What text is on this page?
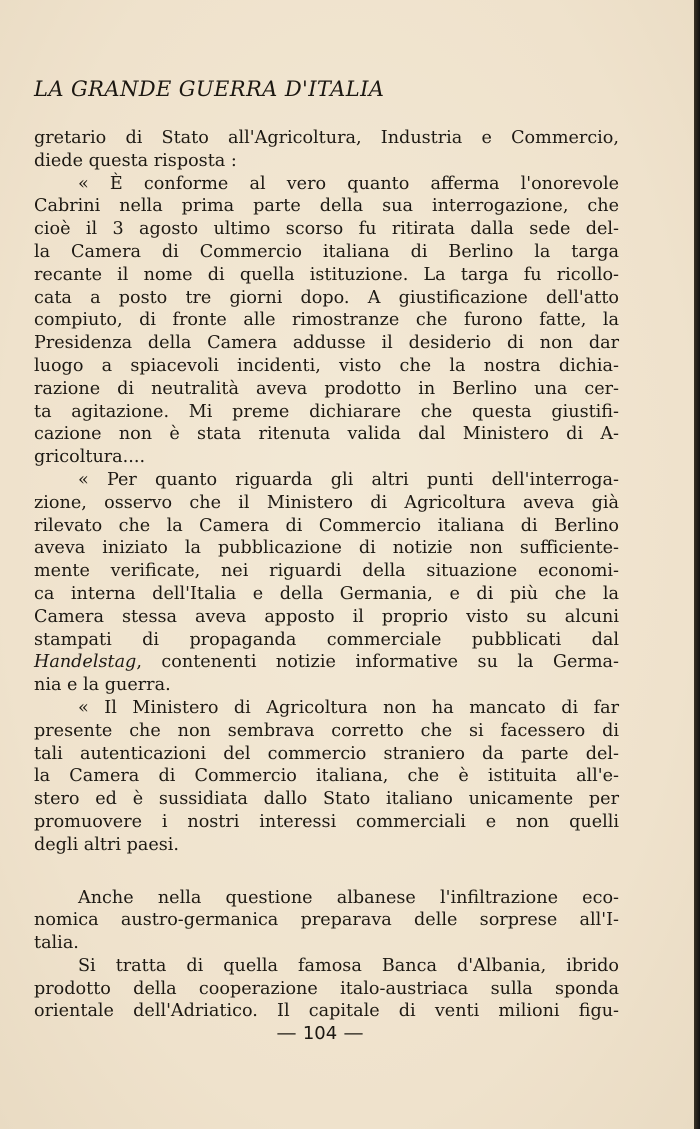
LA GRANDE GUERRA D'ITALIA
gretario di Stato all'Agricoltura, Industria e Commercio,
diede questa risposta :
« È conforme al vero quanto afferma l'onorevole
Cabrini nella prima parte della sua interrogazione, che
cioè il 3 agosto ultimo scorso fu ritirata dalla sede del-
la Camera di Commercio italiana di Berlino la targa
recante il nome di quella istituzione. La targa fu ricollo-
cata a posto tre giorni dopo. A giustificazione dell'atto
compiuto, di fronte alle rimostranze che furono fatte, la
Presidenza della Camera addusse il desiderio di non dar
luogo a spiacevoli incidenti, visto che la nostra dichia-
razione di neutralità aveva prodotto in Berlino una cer-
ta agitazione. Mi preme dichiarare che questa giustifi-
cazione non è stata ritenuta valida dal Ministero di A-
gricoltura....
« Per quanto riguarda gli altri punti dell'interroga-
zione, osservo che il Ministero di Agricoltura aveva già
rilevato che la Camera di Commercio italiana di Berlino
aveva iniziato la pubblicazione di notizie non sufficiente-
mente verificate, nei riguardi della situazione economi-
ca interna dell'Italia e della Germania, e di più che la
Camera stessa aveva apposto il proprio visto su alcuni
stampati di propaganda commerciale pubblicati dal
Handelstag, contenenti notizie informative su la Germa-
nia e la guerra.
« Il Ministero di Agricoltura non ha mancato di far
presente che non sembrava corretto che si facessero di
tali autenticazioni del commercio straniero da parte del-
la Camera di Commercio italiana, che è istituita all'e-
stero ed è sussidiata dallo Stato italiano unicamente per
promuovere i nostri interessi commerciali e non quelli
degli altri paesi.
Anche nella questione albanese l'infiltrazione eco-
nomica austro-germanica preparava delle sorprese all'I-
talia.
Si tratta di quella famosa Banca d'Albania, ibrido
prodotto della cooperazione italo-austriaca sulla sponda
orientale dell'Adriatico. Il capitale di venti milioni figu-
— 104 —
